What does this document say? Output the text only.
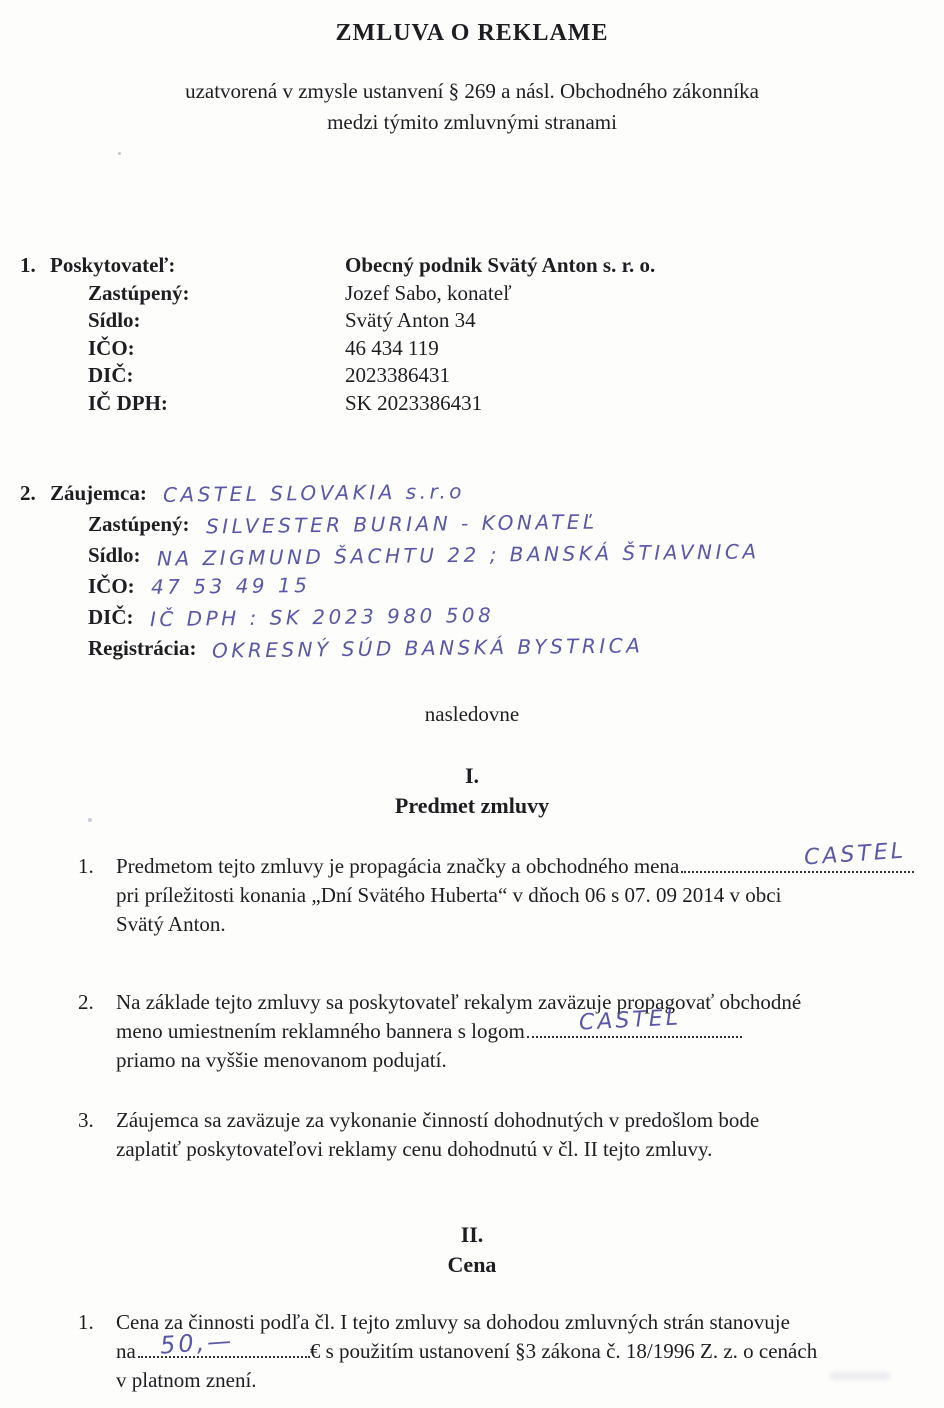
ZMLUVA O REKLAME
uzatvorená v zmysle ustanvení § 269 a násl. Obchodného zákonníka
medzi týmito zmluvnými stranami
1. Poskytovateľ:	Obecný podnik Svätý Anton s. r. o.
Zastúpený:	Jozef Sabo, konateľ
Sídlo:	Svätý Anton 34
IČO:	46 434 119
DIČ:	2023386431
IČ DPH:	SK 2023386431
2. Záujemca: CASTEL SLOVAKIA s.r.o
Zastúpený: SILVESTER BURIAN - KONATEĽ
Sídlo: NA ZIGMUND ŠACHTU 22 ; BANSKÁ ŠTIAVNICA
IČO: 47 53 49 15
DIČ: IČ DPH : SK 2023 980 508
Registrácia: OKRESNÝ SÚD BANSKÁ BYSTRICA
nasledovne
I.
Predmet zmluvy
1.	Predmetom tejto zmluvy je propagácia značky a obchodného mena	CASTEL
pri príležitosti konania „Dní Svätého Huberta“ v dňoch 06 s 07. 09 2014 v obci
Svätý Anton.
2.	Na základe tejto zmluvy sa poskytovateľ rekalym zaväzuje propagovať obchodné
meno umiestnením reklamného bannera s logom CASTEL
priamo na vyššie menovanom podujatí.
3.	Záujemca sa zaväzuje za vykonanie činností dohodnutých v predošlom bode
zaplatiť poskytovateľovi reklamy cenu dohodnutú v čl. II tejto zmluvy.
II.
Cena
1.	Cena za činnosti podľa čl. I tejto zmluvy sa dohodou zmluvných strán stanovuje
na 50,—	€ s použitím ustanovení §3 zákona č. 18/1996 Z. z. o cenách
v platnom znení.
